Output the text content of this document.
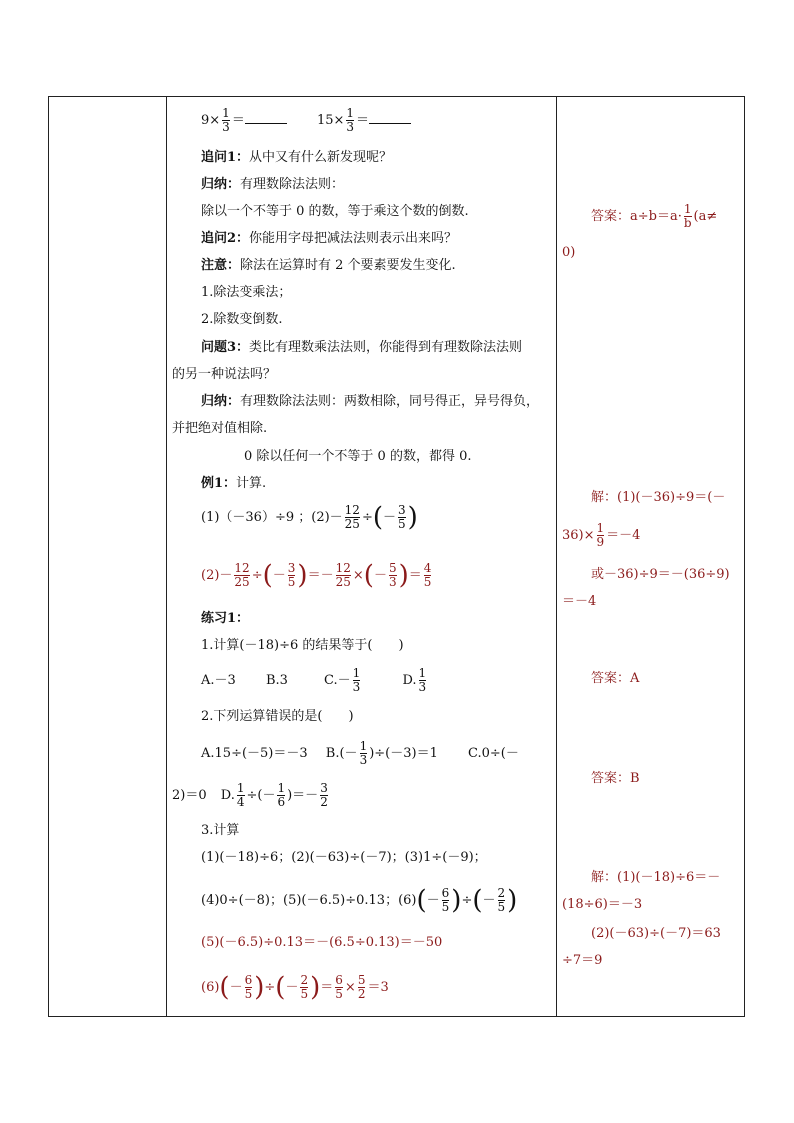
$9\times \frac{1}{3}$ ＝	$15\times \frac{1}{3}$ ＝
追问1：从中又有什么新发现呢？
归纳：有理数除法法则：
除以一个不等于 0 的数，等于乘这个数的倒数.
追问2：你能用字母把减法法则表示出来吗？
注意：除法在运算时有 2 个要素要发生变化.
1.除法变乘法；
2.除数变倒数.
问题3：类比有理数乘法法则，你能得到有理数除法法则
的另一种说法吗？
归纳：有理数除法法则：两数相除，同号得正，异号得负，
并把绝对值相除.
0 除以任何一个不等于 0 的数，都得 0.
例1：计算.
(1)（－36）÷9 ；$(2)- \frac{12}{25}$ ÷(－ $\frac{3}{5}$ )
$(2)- \frac{12}{25}$ ÷(－ $\frac{3}{5}$ )＝－ $\frac{12}{25}$ ×(－ $\frac{5}{3}$ )＝ $\frac{4}{5}$
练习1：
1.计算(－18)÷6 的结果等于(　　)
A.－3 B.3	$C.- \frac{1}{3}$	D. $\frac{1}{3}$
2.下列运算错误的是(　　)
A.15÷(－5)＝－3 $B.(- \frac{1}{3} )\div(-3)=1$ C.0÷(－
2)＝0 D. $\frac{1}{4}$ ÷(－ $\frac{1}{6}$ )＝－ $\frac{3}{2}$
3.计算
(1)(－18)÷6；(2)(－63)÷(－7)；(3)1÷(－9)；
(4)0÷(－8)；(5)(－6.5)÷0.13；$(6)(- \frac{6}{5}$ )÷(－ $\frac{2}{5}$ )
(5)(－6.5)÷0.13＝－(6.5÷0.13)＝－50
$(6)(- \frac{6}{5}$ )÷(－ $\frac{2}{5}$ )＝ $\frac{6}{5} \times \frac{5}{2} =3$
答案：$a\div b=a\cdot \frac{1}{b} (a\ne$
0)
解：(1)(－36)÷9＝(－
$36)\times \frac{1}{9} =-4$
或－36)÷9＝－(36÷9)
＝－4
答案：A
答案：B
解：(1)(－18)÷6＝－
(18÷6)＝－3
(2)(－63)÷(－7)＝63
÷7＝9
